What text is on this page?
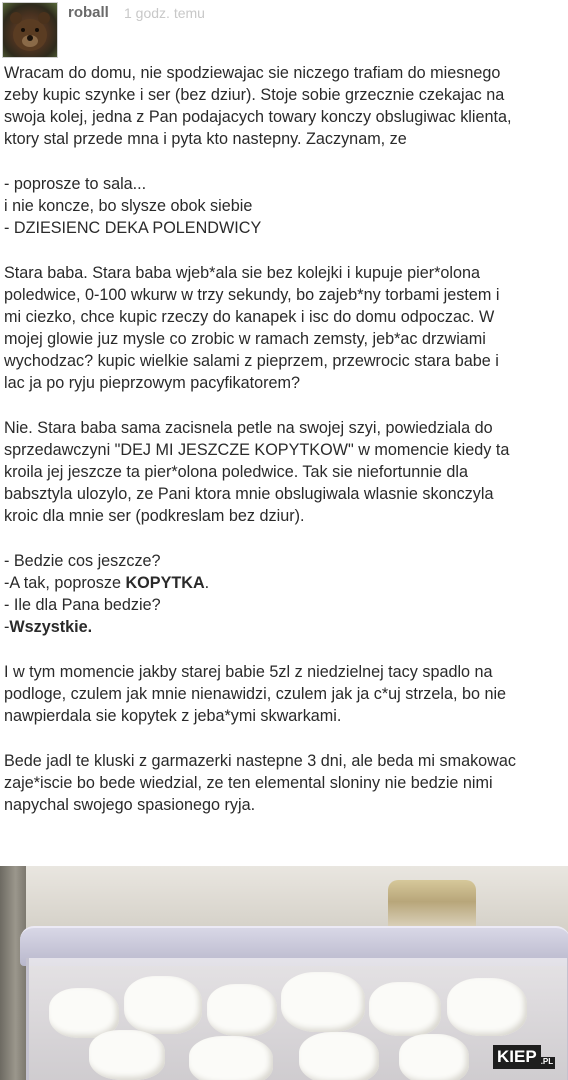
roball 1 godz. temu

Wracam do domu, nie spodziewajac sie niczego trafiam do miesnego

zeby kupic szynke i ser (bez dziur). Stoje sobie grzecznie czekajac na

swoja kolej, jedna z Pan podajacych towary konczy obslugiwac klienta,

ktory stal przede mna i pyta kto nastepny. Zaczynam, ze

- poprosze to sala...

i nie koncze, bo slysze obok siebie

- DZIESIENC DEKA POLENDWICY

Stara baba. Stara baba wjeb*ala sie bez kolejki i kupuje pier*olona

poledwice, 0-100 wkurw w trzy sekundy, bo zajeb*ny torbami jestem i

mi ciezko, chce kupic rzeczy do kanapek i isc do domu odpoczac. W

mojej glowie juz mysle co zrobic w ramach zemsty, jeb*ac drzwiami

wychodzac? kupic wielkie salami z pieprzem, przewrocic stara babe i

lac ja po ryju pieprzowym pacyfikatorem?

Nie. Stara baba sama zacisnela petle na swojej szyi, powiedziala do

sprzedawczyni "DEJ MI JESZCZE KOPYTKOW" w momencie kiedy ta

kroila jej jeszcze ta pier*olona poledwice. Tak sie niefortunnie dla

babsztyla ulozylo, ze Pani ktora mnie obslugiwala wlasnie skonczyla

kroic dla mnie ser (podkreslam bez dziur).

- Bedzie cos jeszcze?

-A tak, poprosze KOPYTKA.

- Ile dla Pana bedzie?

-Wszystkie.

I w tym momencie jakby starej babie 5zl z niedzielnej tacy spadlo na

podloge, czulem jak mnie nienawidzi, czulem jak ja c*uj strzela, bo nie

nawpierdala sie kopytek z jeba*ymi skwarkami.

Bede jadl te kluski z garmazerki nastepne 3 dni, ale beda mi smakowac

zaje*iscie bo bede wiedzial, ze ten elemental sloniny nie bedzie nimi

napychal swojego spasionego ryja.

KIEP .PL
